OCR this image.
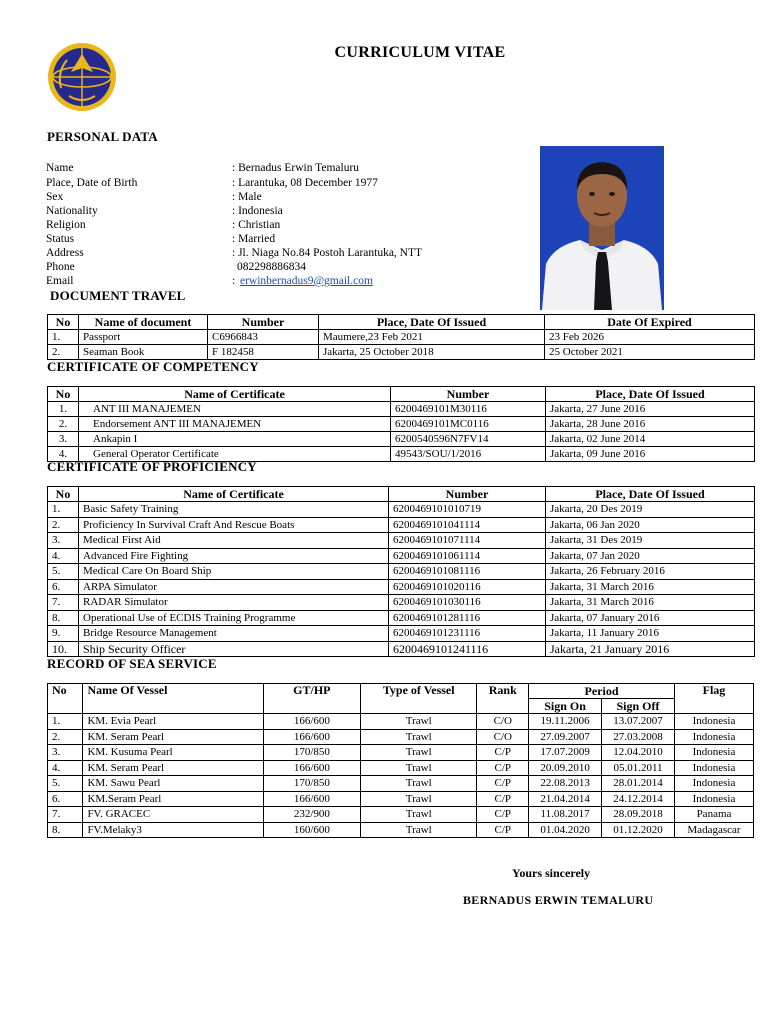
CURRICULUM VITAE
PERSONAL DATA
Name	: Bernadus Erwin Temaluru
Place, Date of Birth	: Larantuka, 08 December 1977
Sex	: Male
Nationality	: Indonesia
Religion	: Christian
Status	: Married
Address	: Jl. Niaga No.84 Postoh Larantuka, NTT
Phone	082298886834
Email	: erwinbernadus9@gmail.com
DOCUMENT TRAVEL
No	Name of document	Number	Place, Date Of Issued	Date Of Expired
1.	Passport	C6966843	Maumere,23 Feb 2021	23 Feb 2026
2.	Seaman Book	F 182458	Jakarta, 25 October 2018	25 October 2021
CERTIFICATE OF COMPETENCY
No	Name of Certificate	Number	Place, Date Of Issued
1.	ANT III MANAJEMEN	6200469101M30116	Jakarta, 27 June 2016
2.	Endorsement ANT III MANAJEMEN	6200469101MC0116	Jakarta, 28 June 2016
3.	Ankapin I	6200540596N7FV14	Jakarta, 02 June 2014
4.	General Operator Certificate	49543/SOU/1/2016	Jakarta, 09 June 2016
CERTIFICATE OF PROFICIENCY
No	Name of Certificate	Number	Place, Date Of Issued
1.	Basic Safety Training	6200469101010719	Jakarta, 20 Des 2019
2.	Proficiency In Survival Craft And Rescue Boats	6200469101041114	Jakarta, 06 Jan 2020
3.	Medical First Aid	6200469101071114	Jakarta, 31 Des 2019
4.	Advanced Fire Fighting	6200469101061114	Jakarta, 07 Jan 2020
5.	Medical Care On Board Ship	6200469101081116	Jakarta, 26 February 2016
6.	ARPA Simulator	6200469101020116	Jakarta, 31 March 2016
7.	RADAR Simulator	6200469101030116	Jakarta, 31 March 2016
8.	Operational Use of ECDIS Training Programme	6200469101281116	Jakarta, 07 January 2016
9.	Bridge Resource Management	6200469101231116	Jakarta, 11 January 2016
10.	Ship Security Officer	6200469101241116	Jakarta, 21 January 2016
RECORD OF SEA SERVICE
No	Name Of Vessel	GT/HP	Type of Vessel	Rank	Period		Flag
					Sign On	Sign Off	
1.	KM. Evia Pearl	166/600	Trawl	C/O	19.11.2006	13.07.2007	Indonesia
2.	KM. Seram Pearl	166/600	Trawl	C/O	27.09.2007	27.03.2008	Indonesia
3.	KM. Kusuma Pearl	170/850	Trawl	C/P	17.07.2009	12.04.2010	Indonesia
4.	KM. Seram Pearl	166/600	Trawl	C/P	20.09.2010	05.01.2011	Indonesia
5.	KM. Sawu Pearl	170/850	Trawl	C/P	22.08.2013	28.01.2014	Indonesia
6.	KM.Seram Pearl	166/600	Trawl	C/P	21.04.2014	24.12.2014	Indonesia
7.	FV. GRACEC	232/900	Trawl	C/P	11.08.2017	28.09.2018	Panama
8.	FV.Melaky3	160/600	Trawl	C/P	01.04.2020	01.12.2020	Madagascar
Yours sincerely
BERNADUS ERWIN TEMALURU
